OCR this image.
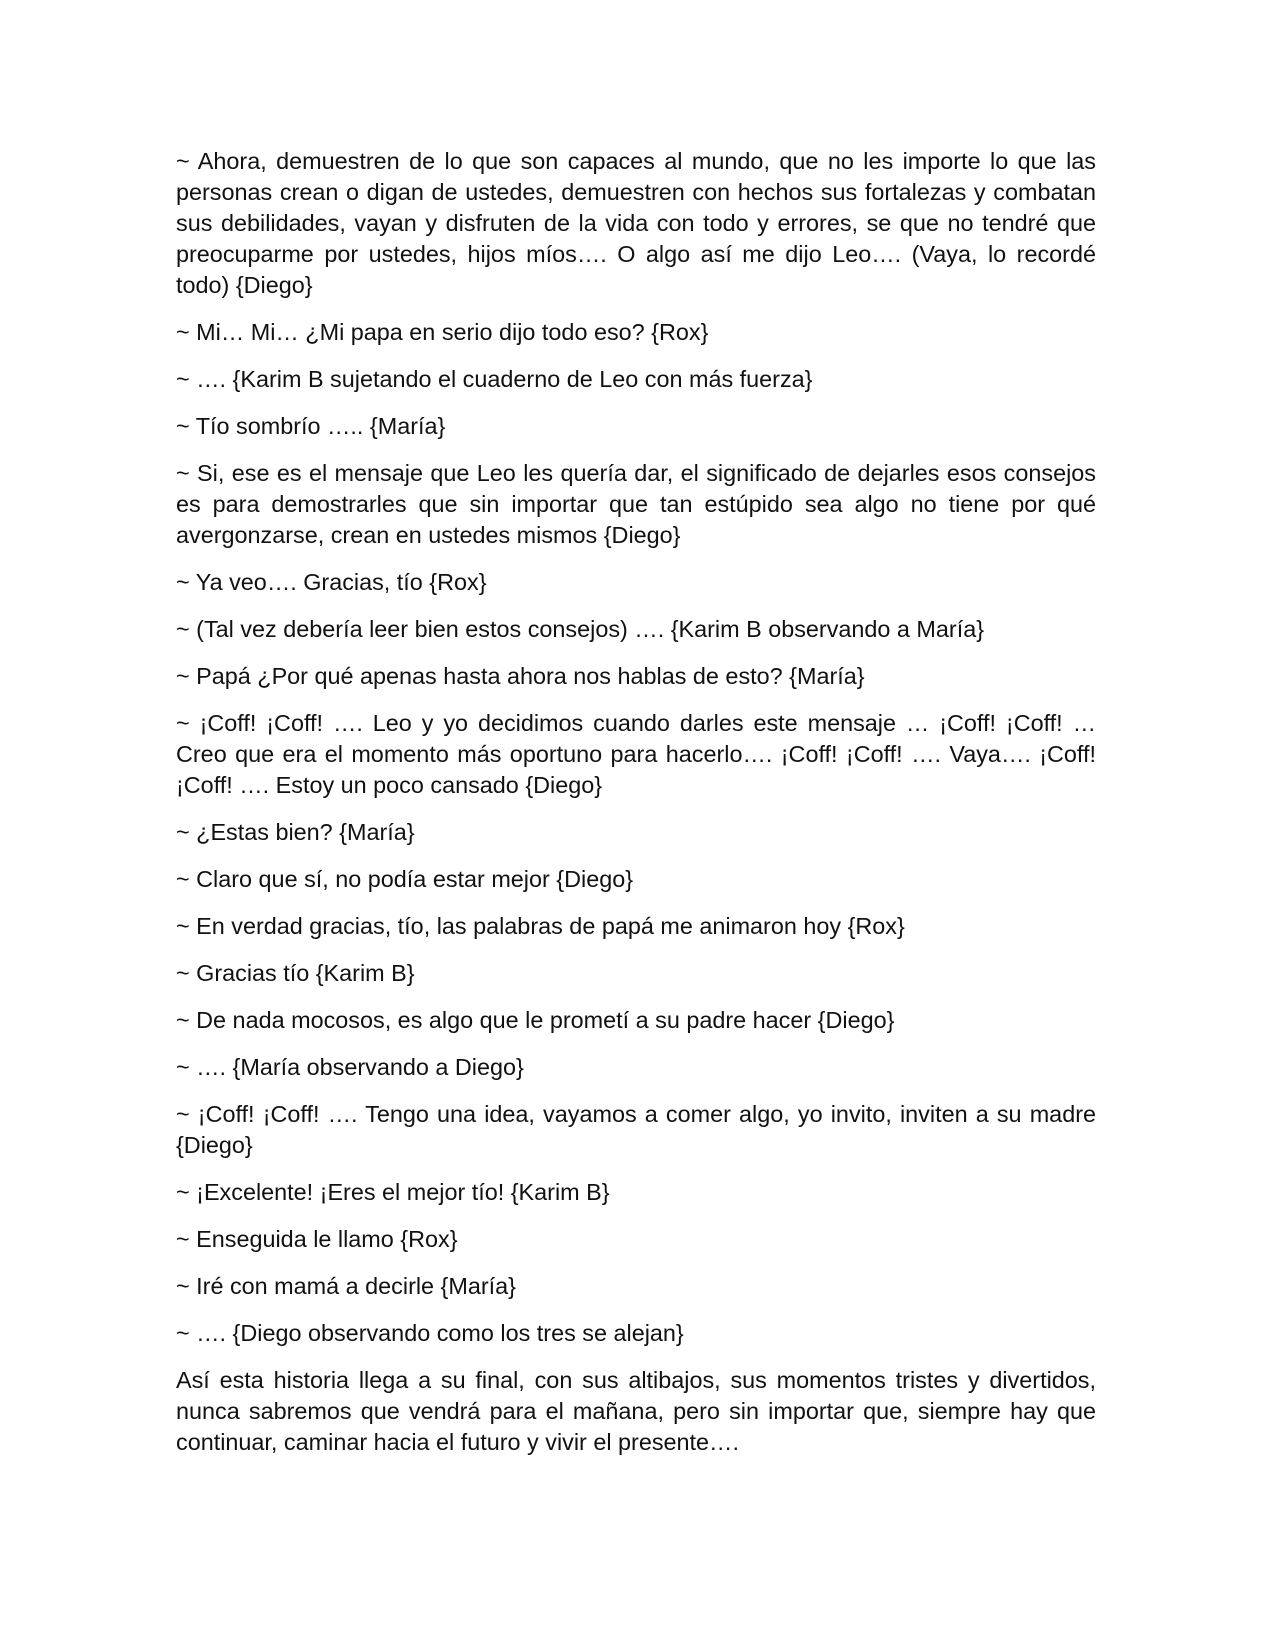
~ Ahora, demuestren de lo que son capaces al mundo, que no les importe lo que las personas crean o digan de ustedes, demuestren con hechos sus fortalezas y combatan sus debilidades, vayan y disfruten de la vida con todo y errores, se que no tendré que preocuparme por ustedes, hijos míos…. O algo así me dijo Leo…. (Vaya, lo recordé todo) {Diego}

~ Mi… Mi… ¿Mi papa en serio dijo todo eso? {Rox}

~ …. {Karim B sujetando el cuaderno de Leo con más fuerza}

~ Tío sombrío ….. {María}

~ Si, ese es el mensaje que Leo les quería dar, el significado de dejarles esos consejos es para demostrarles que sin importar que tan estúpido sea algo no tiene por qué avergonzarse, crean en ustedes mismos {Diego}

~ Ya veo…. Gracias, tío {Rox}

~ (Tal vez debería leer bien estos consejos) …. {Karim B observando a María}

~ Papá ¿Por qué apenas hasta ahora nos hablas de esto? {María}

~ ¡Coff! ¡Coff! …. Leo y yo decidimos cuando darles este mensaje … ¡Coff! ¡Coff! … Creo que era el momento más oportuno para hacerlo…. ¡Coff! ¡Coff! …. Vaya…. ¡Coff! ¡Coff! …. Estoy un poco cansado {Diego}

~ ¿Estas bien? {María}

~ Claro que sí, no podía estar mejor {Diego}

~ En verdad gracias, tío, las palabras de papá me animaron hoy {Rox}

~ Gracias tío {Karim B}

~ De nada mocosos, es algo que le prometí a su padre hacer {Diego}

~ …. {María observando a Diego}

~ ¡Coff! ¡Coff! …. Tengo una idea, vayamos a comer algo, yo invito, inviten a su madre {Diego}

~ ¡Excelente! ¡Eres el mejor tío! {Karim B}

~ Enseguida le llamo {Rox}

~ Iré con mamá a decirle {María}

~ …. {Diego observando como los tres se alejan}

Así esta historia llega a su final, con sus altibajos, sus momentos tristes y divertidos, nunca sabremos que vendrá para el mañana, pero sin importar que, siempre hay que continuar, caminar hacia el futuro y vivir el presente….
